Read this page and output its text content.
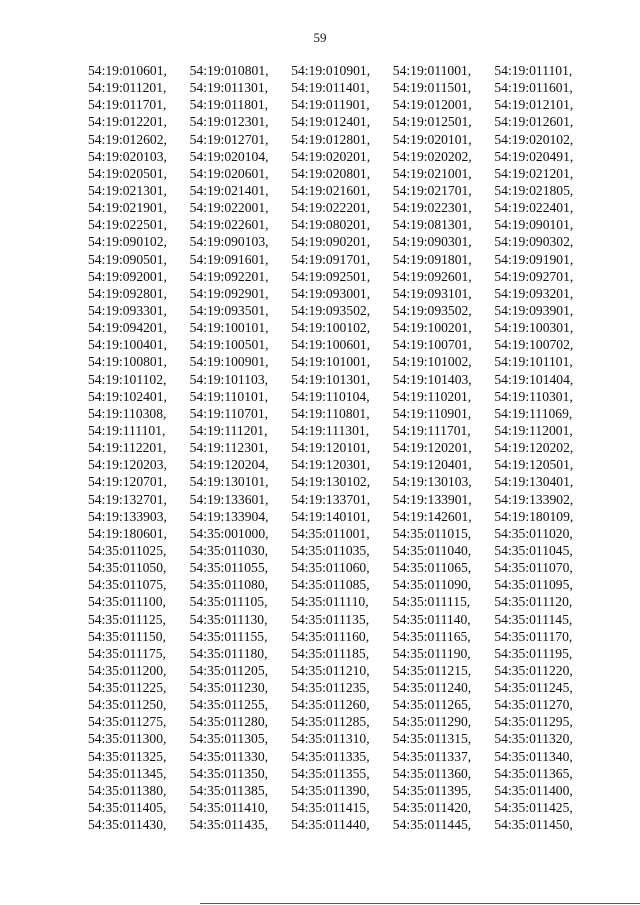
59
54:19:010601,	54:19:010801,	54:19:010901,	54:19:011001,	54:19:011101,
54:19:011201,	54:19:011301,	54:19:011401,	54:19:011501,	54:19:011601,
54:19:011701,	54:19:011801,	54:19:011901,	54:19:012001,	54:19:012101,
54:19:012201,	54:19:012301,	54:19:012401,	54:19:012501,	54:19:012601,
54:19:012602,	54:19:012701,	54:19:012801,	54:19:020101,	54:19:020102,
54:19:020103,	54:19:020104,	54:19:020201,	54:19:020202,	54:19:020491,
54:19:020501,	54:19:020601,	54:19:020801,	54:19:021001,	54:19:021201,
54:19:021301,	54:19:021401,	54:19:021601,	54:19:021701,	54:19:021805,
54:19:021901,	54:19:022001,	54:19:022201,	54:19:022301,	54:19:022401,
54:19:022501,	54:19:022601,	54:19:080201,	54:19:081301,	54:19:090101,
54:19:090102,	54:19:090103,	54:19:090201,	54:19:090301,	54:19:090302,
54:19:090501,	54:19:091601,	54:19:091701,	54:19:091801,	54:19:091901,
54:19:092001,	54:19:092201,	54:19:092501,	54:19:092601,	54:19:092701,
54:19:092801,	54:19:092901,	54:19:093001,	54:19:093101,	54:19:093201,
54:19:093301,	54:19:093501,	54:19:093502,	54:19:093502,	54:19:093901,
54:19:094201,	54:19:100101,	54:19:100102,	54:19:100201,	54:19:100301,
54:19:100401,	54:19:100501,	54:19:100601,	54:19:100701,	54:19:100702,
54:19:100801,	54:19:100901,	54:19:101001,	54:19:101002,	54:19:101101,
54:19:101102,	54:19:101103,	54:19:101301,	54:19:101403,	54:19:101404,
54:19:102401,	54:19:110101,	54:19:110104,	54:19:110201,	54:19:110301,
54:19:110308,	54:19:110701,	54:19:110801,	54:19:110901,	54:19:111069,
54:19:111101,	54:19:111201,	54:19:111301,	54:19:111701,	54:19:112001,
54:19:112201,	54:19:112301,	54:19:120101,	54:19:120201,	54:19:120202,
54:19:120203,	54:19:120204,	54:19:120301,	54:19:120401,	54:19:120501,
54:19:120701,	54:19:130101,	54:19:130102,	54:19:130103,	54:19:130401,
54:19:132701,	54:19:133601,	54:19:133701,	54:19:133901,	54:19:133902,
54:19:133903,	54:19:133904,	54:19:140101,	54:19:142601,	54:19:180109,
54:19:180601,	54:35:001000,	54:35:011001,	54:35:011015,	54:35:011020,
54:35:011025,	54:35:011030,	54:35:011035,	54:35:011040,	54:35:011045,
54:35:011050,	54:35:011055,	54:35:011060,	54:35:011065,	54:35:011070,
54:35:011075,	54:35:011080,	54:35:011085,	54:35:011090,	54:35:011095,
54:35:011100,	54:35:011105,	54:35:011110,	54:35:011115,	54:35:011120,
54:35:011125,	54:35:011130,	54:35:011135,	54:35:011140,	54:35:011145,
54:35:011150,	54:35:011155,	54:35:011160,	54:35:011165,	54:35:011170,
54:35:011175,	54:35:011180,	54:35:011185,	54:35:011190,	54:35:011195,
54:35:011200,	54:35:011205,	54:35:011210,	54:35:011215,	54:35:011220,
54:35:011225,	54:35:011230,	54:35:011235,	54:35:011240,	54:35:011245,
54:35:011250,	54:35:011255,	54:35:011260,	54:35:011265,	54:35:011270,
54:35:011275,	54:35:011280,	54:35:011285,	54:35:011290,	54:35:011295,
54:35:011300,	54:35:011305,	54:35:011310,	54:35:011315,	54:35:011320,
54:35:011325,	54:35:011330,	54:35:011335,	54:35:011337,	54:35:011340,
54:35:011345,	54:35:011350,	54:35:011355,	54:35:011360,	54:35:011365,
54:35:011380,	54:35:011385,	54:35:011390,	54:35:011395,	54:35:011400,
54:35:011405,	54:35:011410,	54:35:011415,	54:35:011420,	54:35:011425,
54:35:011430,	54:35:011435,	54:35:011440,	54:35:011445,	54:35:011450,
